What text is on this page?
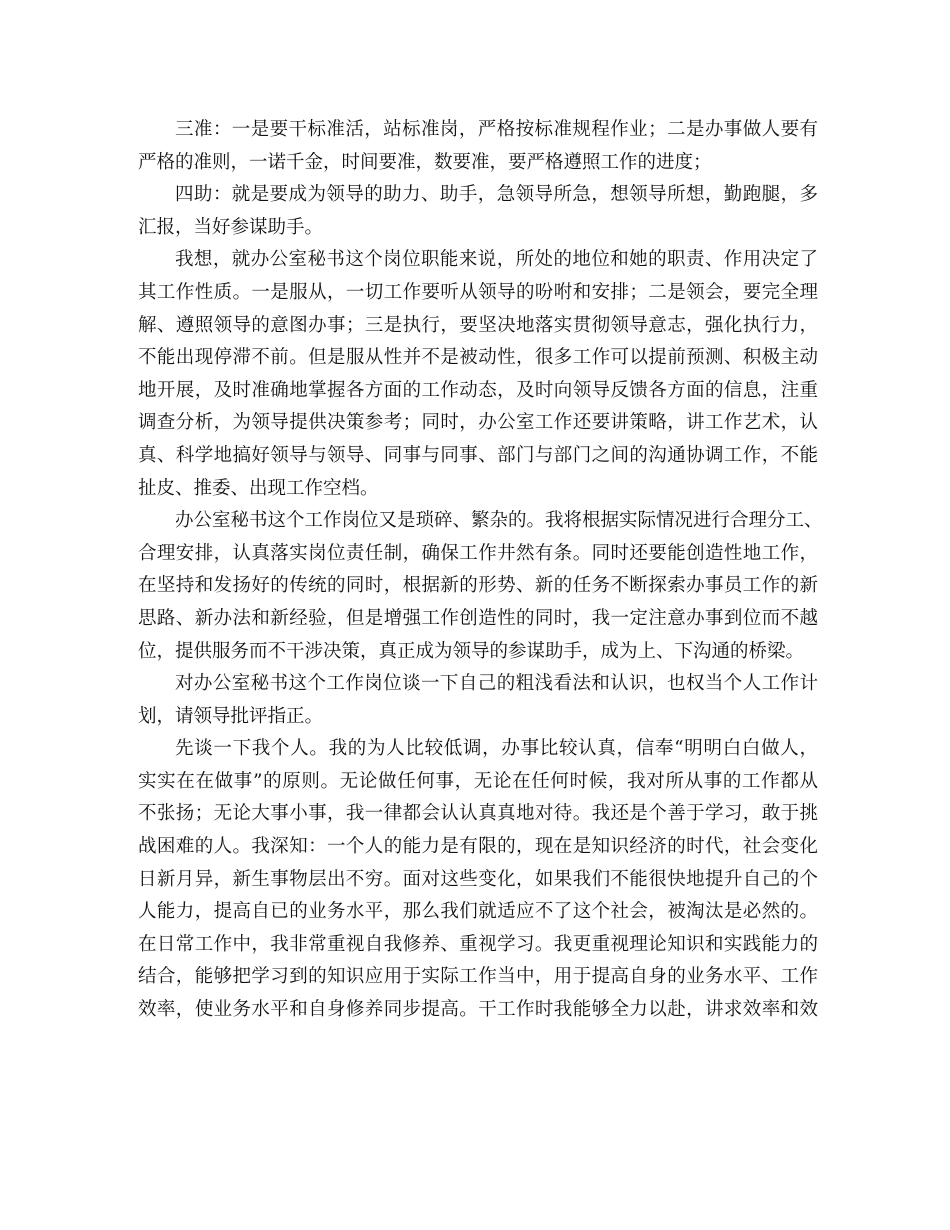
三准：一是要干标准活，站标准岗，严格按标准规程作业；二是办事做人要有
严格的准则，一诺千金，时间要准，数要准，要严格遵照工作的进度；
四助：就是要成为领导的助力、助手，急领导所急，想领导所想，勤跑腿，多
汇报，当好参谋助手。
我想，就办公室秘书这个岗位职能来说，所处的地位和她的职责、作用决定了
其工作性质。一是服从，一切工作要听从领导的吩咐和安排；二是领会，要完全理
解、遵照领导的意图办事；三是执行，要坚决地落实贯彻领导意志，强化执行力，
不能出现停滞不前。但是服从性并不是被动性，很多工作可以提前预测、积极主动
地开展，及时准确地掌握各方面的工作动态，及时向领导反馈各方面的信息，注重
调查分析，为领导提供决策参考；同时，办公室工作还要讲策略，讲工作艺术，认
真、科学地搞好领导与领导、同事与同事、部门与部门之间的沟通协调工作，不能
扯皮、推委、出现工作空档。
办公室秘书这个工作岗位又是琐碎、繁杂的。我将根据实际情况进行合理分工、
合理安排，认真落实岗位责任制，确保工作井然有条。同时还要能创造性地工作，
在坚持和发扬好的传统的同时，根据新的形势、新的任务不断探索办事员工作的新
思路、新办法和新经验，但是增强工作创造性的同时，我一定注意办事到位而不越
位，提供服务而不干涉决策，真正成为领导的参谋助手，成为上、下沟通的桥梁。
对办公室秘书这个工作岗位谈一下自己的粗浅看法和认识，也权当个人工作计
划，请领导批评指正。
先谈一下我个人。我的为人比较低调，办事比较认真，信奉“明明白白做人，
实实在在做事”的原则。无论做任何事，无论在任何时候，我对所从事的工作都从
不张扬；无论大事小事，我一律都会认认真真地对待。我还是个善于学习，敢于挑
战困难的人。我深知：一个人的能力是有限的，现在是知识经济的时代，社会变化
日新月异，新生事物层出不穷。面对这些变化，如果我们不能很快地提升自己的个
人能力，提高自已的业务水平，那么我们就适应不了这个社会，被淘汰是必然的。
在日常工作中，我非常重视自我修养、重视学习。我更重视理论知识和实践能力的
结合，能够把学习到的知识应用于实际工作当中，用于提高自身的业务水平、工作
效率，使业务水平和自身修养同步提高。干工作时我能够全力以赴，讲求效率和效
